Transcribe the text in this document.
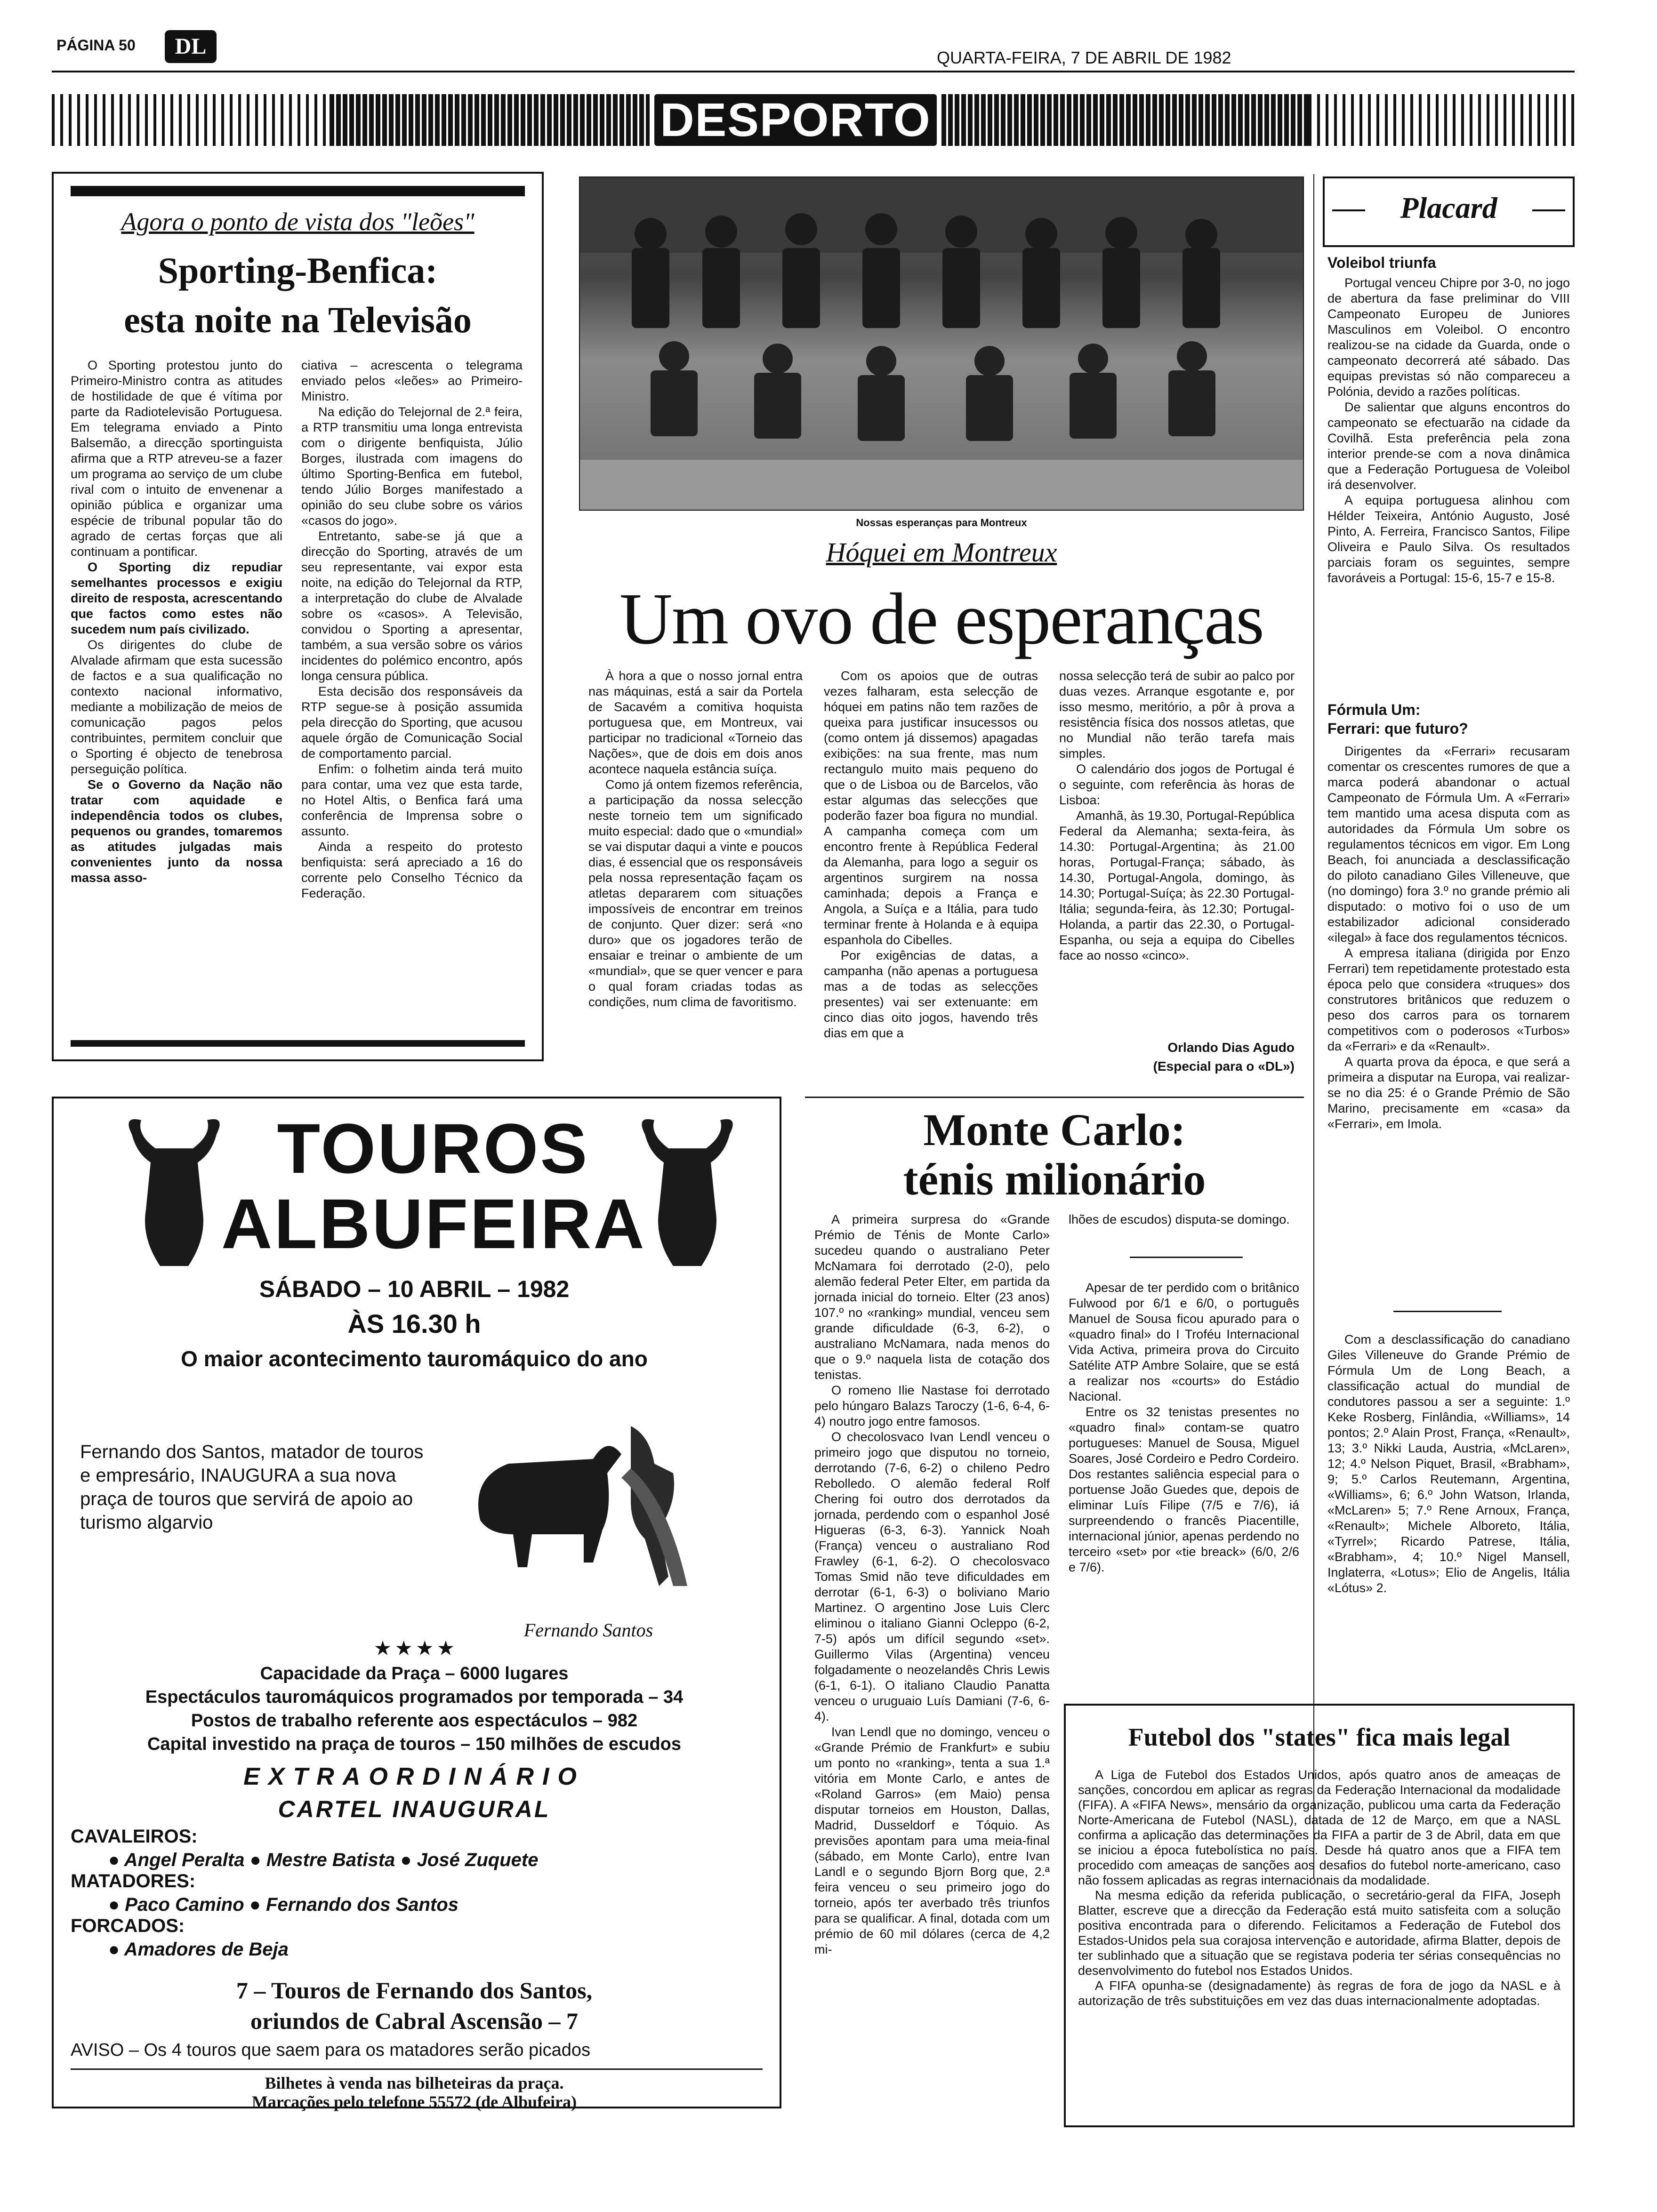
PÁGINA 50	DL	QUARTA-FEIRA, 7 DE ABRIL DE 1982
DESPORTO
Agora o ponto de vista dos "leões"
Sporting-Benfica:
esta noite na Televisão

O Sporting protestou junto do Primeiro-Ministro contra as atitudes de hostilidade de que é vítima por parte da Radiotelevisão Portuguesa. Em telegrama enviado a Pinto Balsemão, a direcção sportinguista afirma que a RTP atreveu-se a fazer um programa ao serviço de um clube rival com o intuito de envenenar a opinião pública e organizar uma espécie de tribunal popular tão do agrado de certas forças que ali continuam a pontificar.

O Sporting diz repudiar semelhantes processos e exigiu direito de resposta, acrescentando que factos como estes não sucedem num país civilizado.

Os dirigentes do clube de Alvalade afirmam que esta sucessão de factos e a sua qualificação no contexto nacional informativo, mediante a mobilização de meios de comunicação pagos pelos contribuintes, permitem concluir que o Sporting é objecto de tenebrosa perseguição política.

Se o Governo da Nação não tratar com aquidade e independência todos os clubes, pequenos ou grandes, tomaremos as atitudes julgadas mais convenientes junto da nossa massa asso-

ciativa – acrescenta o telegrama enviado pelos «leões» ao Primeiro-Ministro.

Na edição do Telejornal de 2.ª feira, a RTP transmitiu uma longa entrevista com o dirigente benfiquista, Júlio Borges, ilustrada com imagens do último Sporting-Benfica em futebol, tendo Júlio Borges manifestado a opinião do seu clube sobre os vários «casos do jogo».

Entretanto, sabe-se já que a direcção do Sporting, através de um seu representante, vai expor esta noite, na edição do Telejornal da RTP, a interpretação do clube de Alvalade sobre os «casos». A Televisão, convidou o Sporting a apresentar, também, a sua versão sobre os vários incidentes do polémico encontro, após longa censura pública.

Esta decisão dos responsáveis da RTP segue-se à posição assumida pela direcção do Sporting, que acusou aquele órgão de Comunicação Social de comportamento parcial.

Enfim: o folhetim ainda terá muito para contar, uma vez que esta tarde, no Hotel Altis, o Benfica fará uma conferência de Imprensa sobre o assunto.

Ainda a respeito do protesto benfiquista: será apreciado a 16 do corrente pelo Conselho Técnico da Federação.

Nossas esperanças para Montreux
Hóquei em Montreux
Um ovo de esperanças

À hora a que o nosso jornal entra nas máquinas, está a sair da Portela de Sacavém a comitiva hoquista portuguesa que, em Montreux, vai participar no tradicional «Torneio das Nações», que de dois em dois anos acontece naquela estância suíça.

Como já ontem fizemos referência, a participação da nossa selecção neste torneio tem um significado muito especial: dado que o «mundial» se vai disputar daqui a vinte e poucos dias, é essencial que os responsáveis pela nossa representação façam os atletas depararem com situações impossíveis de encontrar em treinos de conjunto. Quer dizer: será «no duro» que os jogadores terão de ensaiar e treinar o ambiente de um «mundial», que se quer vencer e para o qual foram criadas todas as condições, num clima de favoritismo.

Com os apoios que de outras vezes falharam, esta selecção de hóquei em patins não tem razões de queixa para justificar insucessos ou (como ontem já dissemos) apagadas exibições: na sua frente, mas num rectangulo muito mais pequeno do que o de Lisboa ou de Barcelos, vão estar algumas das selecções que poderão fazer boa figura no mundial. A campanha começa com um encontro frente à República Federal da Alemanha, para logo a seguir os argentinos surgirem na nossa caminhada; depois a França e Angola, a Suíça e a Itália, para tudo terminar frente à Holanda e à equipa espanhola do Cibelles.

Por exigências de datas, a campanha (não apenas a portuguesa mas a de todas as selecções presentes) vai ser extenuante: em cinco dias oito jogos, havendo três dias em que a

nossa selecção terá de subir ao palco por duas vezes. Arranque esgotante e, por isso mesmo, meritório, a pôr à prova a resistência física dos nossos atletas, que no Mundial não terão tarefa mais simples.

O calendário dos jogos de Portugal é o seguinte, com referência às horas de Lisboa:

Amanhã, às 19.30, Portugal-República Federal da Alemanha; sexta-feira, às 14.30: Portugal-Argentina; às 21.00 horas, Portugal-França; sábado, às 14.30, Portugal-Angola, domingo, às 14.30; Portugal-Suíça; às 22.30 Portugal-Itália; segunda-feira, às 12.30; Portugal-Holanda, a partir das 22.30, o Portugal-Espanha, ou seja a equipa do Cibelles face ao nosso «cinco».

Orlando Dias Agudo
(Especial para o «DL»)
Placard
Voleibol triunfa

Portugal venceu Chipre por 3-0, no jogo de abertura da fase preliminar do VIII Campeonato Europeu de Juniores Masculinos em Voleibol. O encontro realizou-se na cidade da Guarda, onde o campeonato decorrerá até sábado. Das equipas previstas só não compareceu a Polónia, devido a razões políticas.

De salientar que alguns encontros do campeonato se efectuarão na cidade da Covilhã. Esta preferência pela zona interior prende-se com a nova dinâmica que a Federação Portuguesa de Voleibol irá desenvolver.

A equipa portuguesa alinhou com Hélder Teixeira, António Augusto, José Pinto, A. Ferreira, Francisco Santos, Filipe Oliveira e Paulo Silva. Os resultados parciais foram os seguintes, sempre favoráveis a Portugal: 15-6, 15-7 e 15-8.

Fórmula Um:
Ferrari: que futuro?

Dirigentes da «Ferrari» recusaram comentar os crescentes rumores de que a marca poderá abandonar o actual Campeonato de Fórmula Um. A «Ferrari» tem mantido uma acesa disputa com as autoridades da Fórmula Um sobre os regulamentos técnicos em vigor. Em Long Beach, foi anunciada a desclassificação do piloto canadiano Giles Villeneuve, que (no domingo) fora 3.º no grande prémio ali disputado: o motivo foi o uso de um estabilizador adicional considerado «ilegal» à face dos regulamentos técnicos.

A empresa italiana (dirigida por Enzo Ferrari) tem repetidamente protestado esta época pelo que considera «truques» dos construtores britânicos que reduzem o peso dos carros para os tornarem competitivos com o poderosos «Turbos» da «Ferrari» e da «Renault».

A quarta prova da época, e que será a primeira a disputar na Europa, vai realizar-se no dia 25: é o Grande Prémio de São Marino, precisamente em «casa» da «Ferrari», em Imola.

Com a desclassificação do canadiano Giles Villeneuve do Grande Prémio de Fórmula Um de Long Beach, a classificação actual do mundial de condutores passou a ser a seguinte: 1.º Keke Rosberg, Finlândia, «Williams», 14 pontos; 2.º Alain Prost, França, «Renault», 13; 3.º Nikki Lauda, Austria, «McLaren», 12; 4.º Nelson Piquet, Brasil, «Brabham», 9; 5.º Carlos Reutemann, Argentina, «Williams», 6; 6.º John Watson, Irlanda, «McLaren» 5; 7.º Rene Arnoux, França, «Renault»; Michele Alboreto, Itália, «Tyrrel»; Ricardo Patrese, Itália, «Brabham», 4; 10.º Nigel Mansell, Inglaterra, «Lotus»; Elio de Angelis, Itália «Lótus» 2.

TOUROS
ALBUFEIRA
SÁBADO – 10 ABRIL – 1982
ÀS 16.30 h
O maior acontecimento tauromáquico do ano
Fernando dos Santos, matador de touros e empresário, INAUGURA a sua nova praça de touros que servirá de apoio ao turismo algarvio
Fernando Santos
★ ★ ★ ★
Capacidade da Praça – 6000 lugares
Espectáculos tauromáquicos programados por temporada – 34
Postos de trabalho referente aos espectáculos – 982
Capital investido na praça de touros – 150 milhões de escudos
EXTRAORDINÁRIO
CARTEL INAUGURAL
CAVALEIROS:
● Angel Peralta ● Mestre Batista ● José Zuquete
MATADORES:
● Paco Camino ● Fernando dos Santos
FORCADOS:
● Amadores de Beja
7 – Touros de Fernando dos Santos,
oriundos de Cabral Ascensão – 7
AVISO – Os 4 touros que saem para os matadores serão picados
Bilhetes à venda nas bilheteiras da praça.
Marcações pelo telefone 55572 (de Albufeira)
Monte Carlo:
ténis milionário

A primeira surpresa do «Grande Prémio de Ténis de Monte Carlo» sucedeu quando o australiano Peter McNamara foi derrotado (2-0), pelo alemão federal Peter Elter, em partida da jornada inicial do torneio. Elter (23 anos) 107.º no «ranking» mundial, venceu sem grande dificuldade (6-3, 6-2), o australiano McNamara, nada menos do que o 9.º naquela lista de cotação dos tenistas.

O romeno Ilie Nastase foi derrotado pelo húngaro Balazs Taroczy (1-6, 6-4, 6-4) noutro jogo entre famosos.

O checolosvaco Ivan Lendl venceu o primeiro jogo que disputou no torneio, derrotando (7-6, 6-2) o chileno Pedro Rebolledo. O alemão federal Rolf Chering foi outro dos derrotados da jornada, perdendo com o espanhol José Higueras (6-3, 6-3). Yannick Noah (França) venceu o australiano Rod Frawley (6-1, 6-2). O checolosvaco Tomas Smid não teve dificuldades em derrotar (6-1, 6-3) o boliviano Mario Martinez. O argentino Jose Luis Clerc eliminou o italiano Gianni Ocleppo (6-2, 7-5) após um difícil segundo «set». Guillermo Vilas (Argentina) venceu folgadamente o neozelandês Chris Lewis (6-1, 6-1). O italiano Claudio Panatta venceu o uruguaio Luís Damiani (7-6, 6-4).

Ivan Lendl que no domingo, venceu o «Grande Prémio de Frankfurt» e subiu um ponto no «ranking», tenta a sua 1.ª vitória em Monte Carlo, e antes de «Roland Garros» (em Maio) pensa disputar torneios em Houston, Dallas, Madrid, Dusseldorf e Tóquio. As previsões apontam para uma meia-final (sábado, em Monte Carlo), entre Ivan Landl e o segundo Bjorn Borg que, 2.ª feira venceu o seu primeiro jogo do torneio, após ter averbado três triunfos para se qualificar. A final, dotada com um prémio de 60 mil dólares (cerca de 4,2 mi-

lhões de escudos) disputa-se domingo.

Apesar de ter perdido com o britânico Fulwood por 6/1 e 6/0, o português Manuel de Sousa ficou apurado para o «quadro final» do I Troféu Internacional Vida Activa, primeira prova do Circuito Satélite ATP Ambre Solaire, que se está a realizar nos «courts» do Estádio Nacional.

Entre os 32 tenistas presentes no «quadro final» contam-se quatro portugueses: Manuel de Sousa, Miguel Soares, José Cordeiro e Pedro Cordeiro. Dos restantes saliência especial para o portuense João Guedes que, depois de eliminar Luís Filipe (7/5 e 7/6), iá surpreendendo o francês Piacentille, internacional júnior, apenas perdendo no terceiro «set» por «tie breack» (6/0, 2/6 e 7/6).

Futebol dos "states" fica mais legal

A Liga de Futebol dos Estados Unidos, após quatro anos de ameaças de sanções, concordou em aplicar as regras da Federação Internacional da modalidade (FIFA). A «FIFA News», mensário da organização, publicou uma carta da Federação Norte-Americana de Futebol (NASL), datada de 12 de Março, em que a NASL confirma a aplicação das determinações da FIFA a partir de 3 de Abril, data em que se iniciou a época futebolística no país. Desde há quatro anos que a FIFA tem procedido com ameaças de sanções aos desafios do futebol norte-americano, caso não fossem aplicadas as regras internacionais da modalidade.

Na mesma edição da referida publicação, o secretário-geral da FIFA, Joseph Blatter, escreve que a direcção da Federação está muito satisfeita com a solução positiva encontrada para o diferendo. Felicitamos a Federação de Futebol dos Estados-Unidos pela sua corajosa intervenção e autoridade, afirma Blatter, depois de ter sublinhado que a situação que se registava poderia ter sérias consequências no desenvolvimento do futebol nos Estados Unidos.

A FIFA opunha-se (designadamente) às regras de fora de jogo da NASL e à autorização de três substituições em vez das duas internacionalmente adoptadas.
